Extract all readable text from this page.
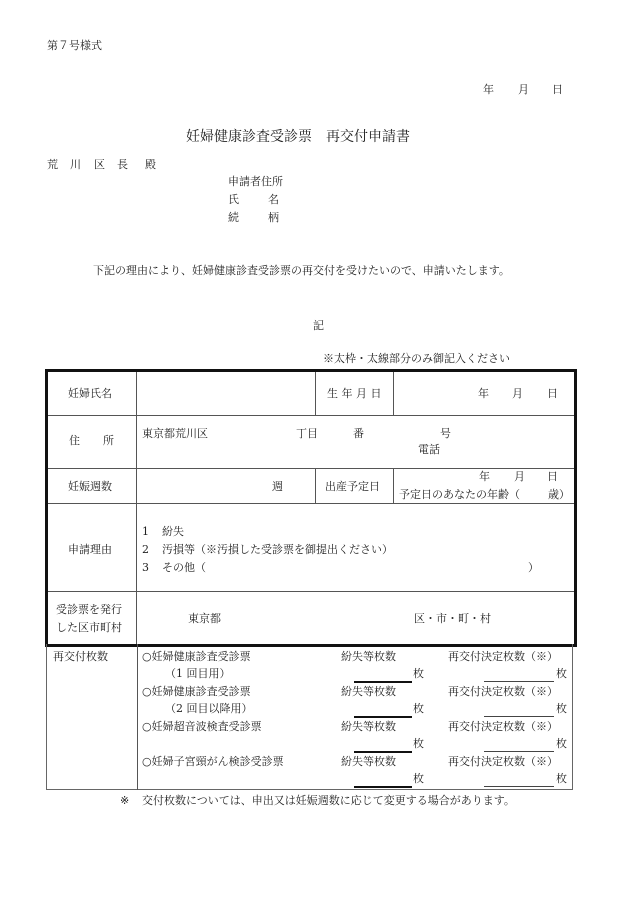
第７号様式
年 月 日
妊婦健康診査受診票　再交付申請書
荒 川 区 長 殿
申請者住所
氏	名
続	柄
下記の理由により、妊婦健康診査受診票の再交付を受けたいので、申請いたします。
記
※太枠・太線部分のみ御記入ください
妊婦氏名	生 年 月 日	年 月 日
住 所
東京都荒川区	丁目	番	号
電話
妊娠週数	週	出産予定日
年 月 日
予定日のあなたの年齢（	歳）
申請理由
1 紛失
2 汚損等（※汚損した受診票を御提出ください）
3 その他（	）
受診票を発行
した区市町村
東京都	区・市・町・村
再交付枚数	○妊婦健康診査受診票
（1 回目用）
紛失等枚数	再交付決定枚数（※）
枚	枚
○妊婦健康診査受診票
（2 回目以降用）
紛失等枚数	再交付決定枚数（※）
枚	枚
○妊婦超音波検査受診票	紛失等枚数	再交付決定枚数（※）
枚	枚
○妊婦子宮頸がん検診受診票	紛失等枚数	再交付決定枚数（※）
枚	枚
※ 交付枚数については、申出又は妊娠週数に応じて変更する場合があります。
